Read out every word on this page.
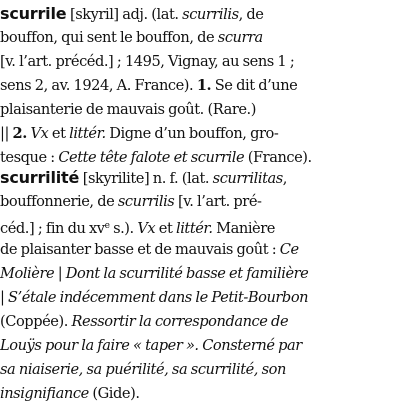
scurrile [skyril] adj. (lat. scurrilis, de
bouffon, qui sent le bouffon, de scurra
[v. l’art. précéd.] ; 1495, Vignay, au sens 1 ;
sens 2, av. 1924, A. France). 1. Se dit d’une
plaisanterie de mauvais goût. (Rare.)
|| 2. Vx et littér. Digne d’un bouffon, gro-
tesque : Cette tête falote et scurrile (France).
scurrilité [skyrilite] n. f. (lat. scurrilitas,
bouffonnerie, de scurrilis [v. l’art. pré-
céd.] ; fin du $xv^e$ s.). Vx et littér. Manière
de plaisanter basse et de mauvais goût : Ce
Molière | Dont la scurrilité basse et familière
| S’étale indécemment dans le Petit-Bourbon
(Coppée). Ressortir la correspondance de
Louÿs pour la faire « taper ». Consterné par
sa niaiserie, sa puérilité, sa scurrilité, son
insignifiance (Gide).
